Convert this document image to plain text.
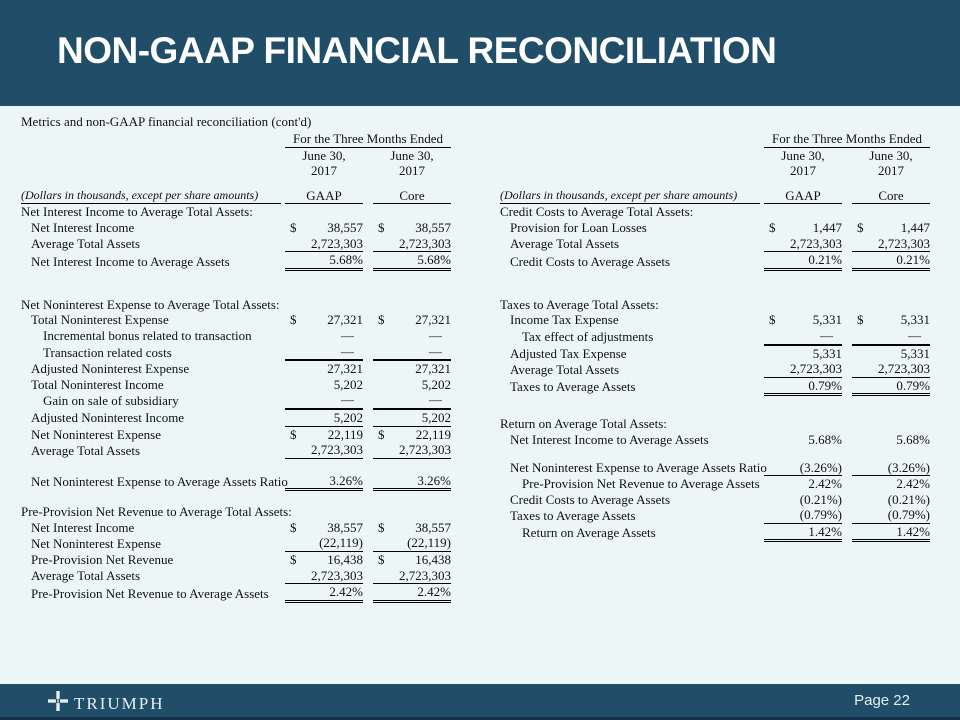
NON-GAAP FINANCIAL RECONCILIATION
Metrics and non-GAAP financial reconciliation (cont'd)
		For the Three Months Ended		
		June 30,		June 30,
		2017		2017

(Dollars in thousands, except per share amounts)		GAAP		Core
Net Interest Income to Average Total Assets:				
Net Interest Income		$ 38,557		$ 38,557
Average Total Assets		2,723,303		2,723,303
Net Interest Income to Average Assets		5.68%		5.68%

Net Noninterest Expense to Average Total Assets:				
Total Noninterest Expense		$ 27,321		$ 27,321
Incremental bonus related to transaction		—		—
Transaction related costs		—		—
Adjusted Noninterest Expense		27,321		27,321
Total Noninterest Income		5,202		5,202
Gain on sale of subsidiary		—		—
Adjusted Noninterest Income		5,202		5,202
Net Noninterest Expense		$ 22,119		$ 22,119
Average Total Assets		2,723,303		2,723,303

Net Noninterest Expense to Average Assets Ratio		3.26%		3.26%

Pre-Provision Net Revenue to Average Total Assets:				
Net Interest Income		$ 38,557		$ 38,557
Net Noninterest Expense		(22,119)		(22,119)
Pre-Provision Net Revenue		$ 16,438		$ 16,438
Average Total Assets		2,723,303		2,723,303
Pre-Provision Net Revenue to Average Assets		2.42%		2.42%
		For the Three Months Ended		
		June 30,		June 30,
		2017		2017

(Dollars in thousands, except per share amounts)		GAAP		Core
Credit Costs to Average Total Assets:				
Provision for Loan Losses		$ 1,447		$ 1,447
Average Total Assets		2,723,303		2,723,303
Credit Costs to Average Assets		0.21%		0.21%

Taxes to Average Total Assets:				
Income Tax Expense		$ 5,331		$ 5,331
Tax effect of adjustments		—		—
Adjusted Tax Expense		5,331		5,331
Average Total Assets		2,723,303		2,723,303
Taxes to Average Assets		0.79%		0.79%

Return on Average Total Assets:				
Net Interest Income to Average Assets		5.68%		5.68%

Net Noninterest Expense to Average Assets Ratio		(3.26%)		(3.26%)
Pre-Provision Net Revenue to Average Assets		2.42%		2.42%
Credit Costs to Average Assets		(0.21%)		(0.21%)
Taxes to Average Assets		(0.79%)		(0.79%)
Return on Average Assets		1.42%		1.42%
TRIUMPH	Page 22
